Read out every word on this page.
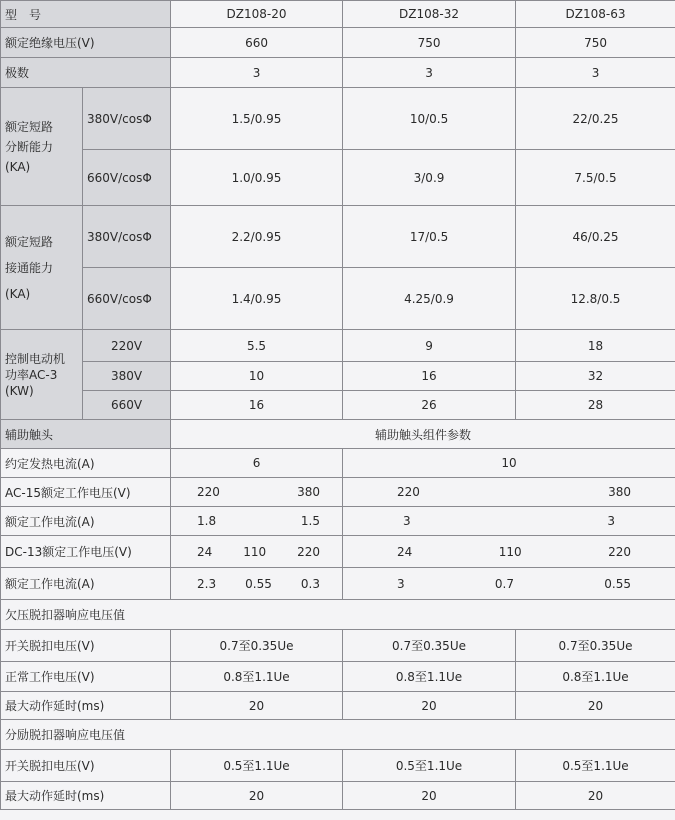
型　号		DZ108-20	DZ108-32	DZ108-63
额定绝缘电压(V)		660	750	750
极数		3	3	3

额定短路
分断能力
(KA)	380V/cosΦ	1.5/0.95	10/0.5	22/0.25
	660V/cosΦ	1.0/0.95	3/0.9	7.5/0.5

额定短路
接通能力
(KA)	380V/cosΦ	2.2/0.95	17/0.5	46/0.25
	660V/cosΦ	1.4/0.95	4.25/0.9	12.8/0.5

控制电动机
功率AC-3
(KW)	220V	5.5	9	18
	380V	10	16	32
	660V	16	26	28
辅助触头		辅助触头组件参数		
约定发热电流(A)		6	10	
AC-15额定工作电压(V)		220 380	220 380	

额定工作电流(A)		1.8 1.5	3 3	

DC-13额定工作电压(V)		24 110 220	24 110 220	

额定工作电流(A)		2.3 0.55 0.3	3 0.7 0.55	

欠压脱扣器响应电压值				
开关脱扣电压(V)		0.7至0.35Ue	0.7至0.35Ue	0.7至0.35Ue
正常工作电压(V)		0.8至1.1Ue	0.8至1.1Ue	0.8至1.1Ue
最大动作延时(ms)		20	20	20
分励脱扣器响应电压值				
开关脱扣电压(V)		0.5至1.1Ue	0.5至1.1Ue	0.5至1.1Ue
最大动作延时(ms)		20	20	20
